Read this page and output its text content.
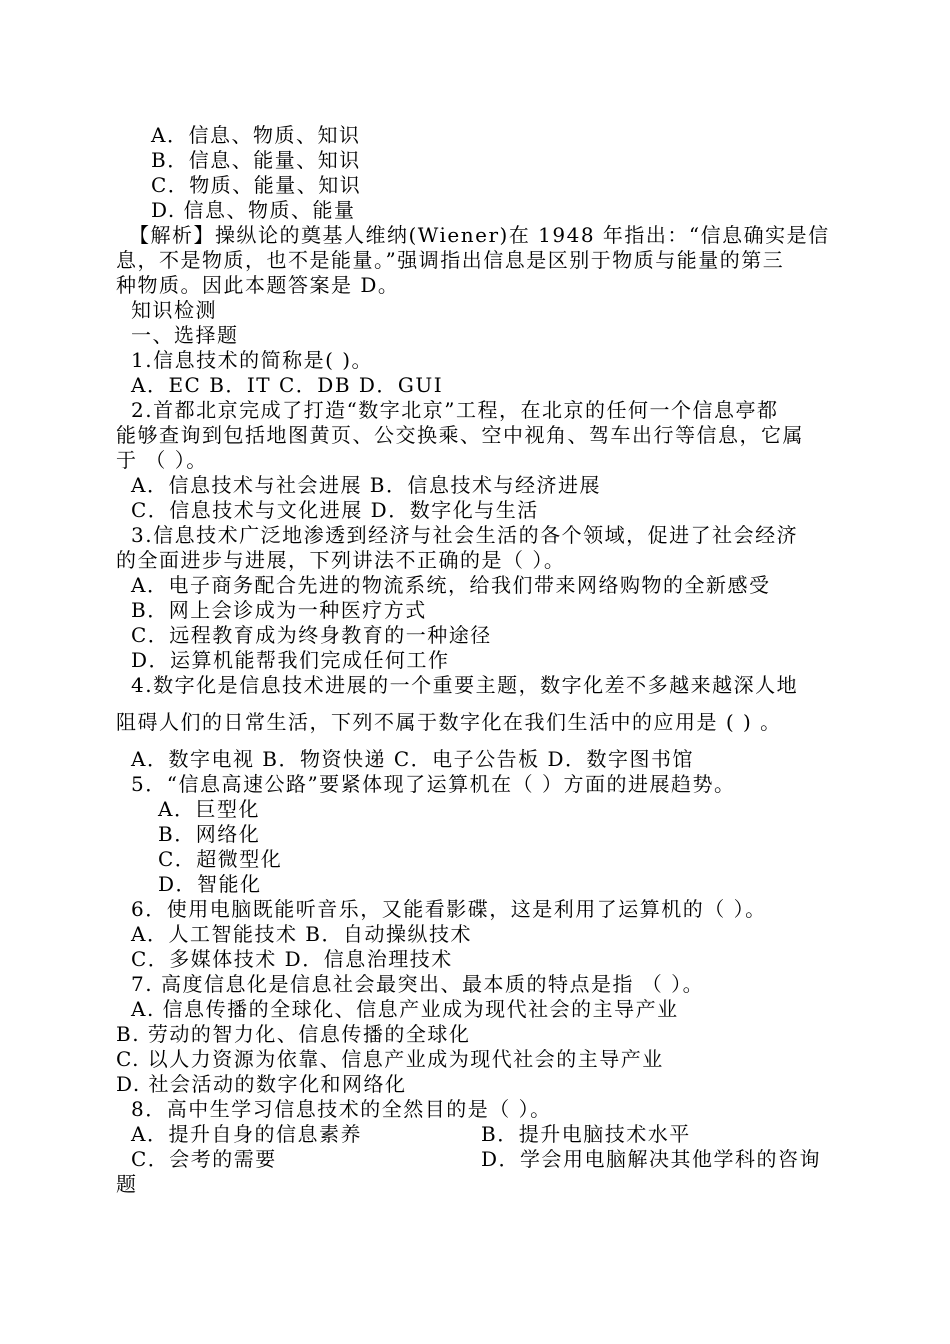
A．信息、物质、知识
B．信息、能量、知识
C．物质、能量、知识
D. 信息、物质、能量
【解析】操纵论的奠基人维纳(Wiener)在 1948 年指出：“信息确实是信
息，不是物质，也不是能量。”强调指出信息是区别于物质与能量的第三
种物质。因此本题答案是 D。
知识检测
一、选择题
1.信息技术的简称是( )。
A．EC B．IT C．DB D．GUI
2.首都北京完成了打造“数字北京”工程，在北京的任何一个信息亭都
能够查询到包括地图黄页、公交换乘、空中视角、驾车出行等信息，它属
于 （ ）。
A．信息技术与社会进展 B．信息技术与经济进展
C．信息技术与文化进展 D．数字化与生活
3.信息技术广泛地渗透到经济与社会生活的各个领域，促进了社会经济
的全面进步与进展，下列讲法不正确的是（ ）。
A．电子商务配合先进的物流系统，给我们带来网络购物的全新感受
B．网上会诊成为一种医疗方式
C．远程教育成为终身教育的一种途径
D．运算机能帮我们完成任何工作
4.数字化是信息技术进展的一个重要主题，数字化差不多越来越深人地
阻碍人们的日常生活，下列不属于数字化在我们生活中的应用是 ( ) 。
A．数字电视 B．物资快递 C．电子公告板 D．数字图书馆
5．“信息高速公路”要紧体现了运算机在（ ）方面的进展趋势。
A．巨型化
B．网络化
C．超微型化
D．智能化
6．使用电脑既能听音乐，又能看影碟，这是利用了运算机的（ ）。
A．人工智能技术 B．自动操纵技术
C．多媒体技术 D．信息治理技术
7. 高度信息化是信息社会最突出、最本质的特点是指 （ ）。
A. 信息传播的全球化、信息产业成为现代社会的主导产业
B. 劳动的智力化、信息传播的全球化
C. 以人力资源为依靠、信息产业成为现代社会的主导产业
D. 社会活动的数字化和网络化
8．高中生学习信息技术的全然目的是（ ）。
A．提升自身的信息素养	B．提升电脑技术水平
C．会考的需要	D．学会用电脑解决其他学科的咨询
题
